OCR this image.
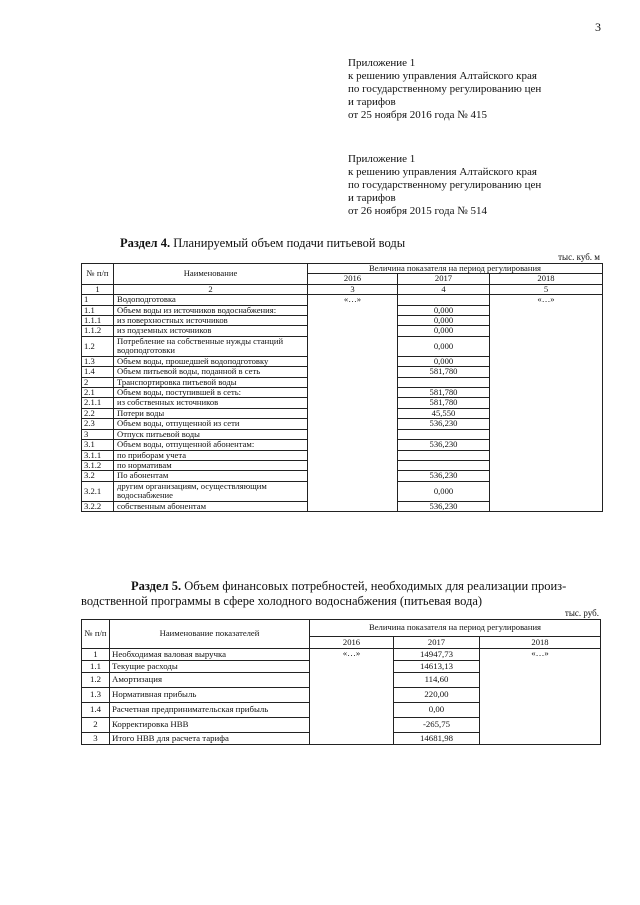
3
Приложение 1
к решению управления Алтайского края
по государственному регулированию цен
и тарифов
от 25 ноября 2016 года № 415
Приложение 1
к решению управления Алтайского края
по государственному регулированию цен
и тарифов
от 26 ноября 2015 года № 514
Раздел 4. Планируемый объем подачи питьевой воды
тыс. куб. м
№ п/п	Наименование	Величина показателя на период регулирования		
		2016	2017	2018
1	2	3	4	5
1	Водоподготовка	«…»		«…»
1.1	Объем воды из источников водоснабжения:		0,000	
1.1.1	из поверхностных источников		0,000	
1.1.2	из подземных источников		0,000	
1.2	Потребление на собственные нужды станций водоподготовки		0,000	
1.3	Объем воды, прошедшей водоподготовку		0,000	
1.4	Объем питьевой воды, поданной в сеть		581,780	
2	Транспортировка питьевой воды			
2.1	Объем воды, поступившей в сеть:		581,780	
2.1.1	из собственных источников		581,780	
2.2	Потери воды		45,550	
2.3	Объем воды, отпущенной из сети		536,230	
3	Отпуск питьевой воды			
3.1	Объем воды, отпущенной абонентам:		536,230	
3.1.1	по приборам учета			
3.1.2	по нормативам			
3.2	По абонентам		536,230	
3.2.1	другим организациям, осуществляющим водоснабжение		0,000	
3.2.2	собственным абонентам		536,230	
Раздел 5. Объем финансовых потребностей, необходимых для реализации произ-
водственной программы в сфере холодного водоснабжения (питьевая вода)
тыс. руб.
№ п/п	Наименование показателей	Величина показателя на период регулирования		
		2016	2017	2018
1	Необходимая валовая выручка	«…»	14947,73	«…»
1.1	Текущие расходы		14613,13	
1.2	Амортизация		114,60	
1.3	Нормативная прибыль		220,00	
1.4	Расчетная предпринимательская прибыль		0,00	
2	Корректировка НВВ		-265,75	
3	Итого НВВ для расчета тарифа		14681,98	
